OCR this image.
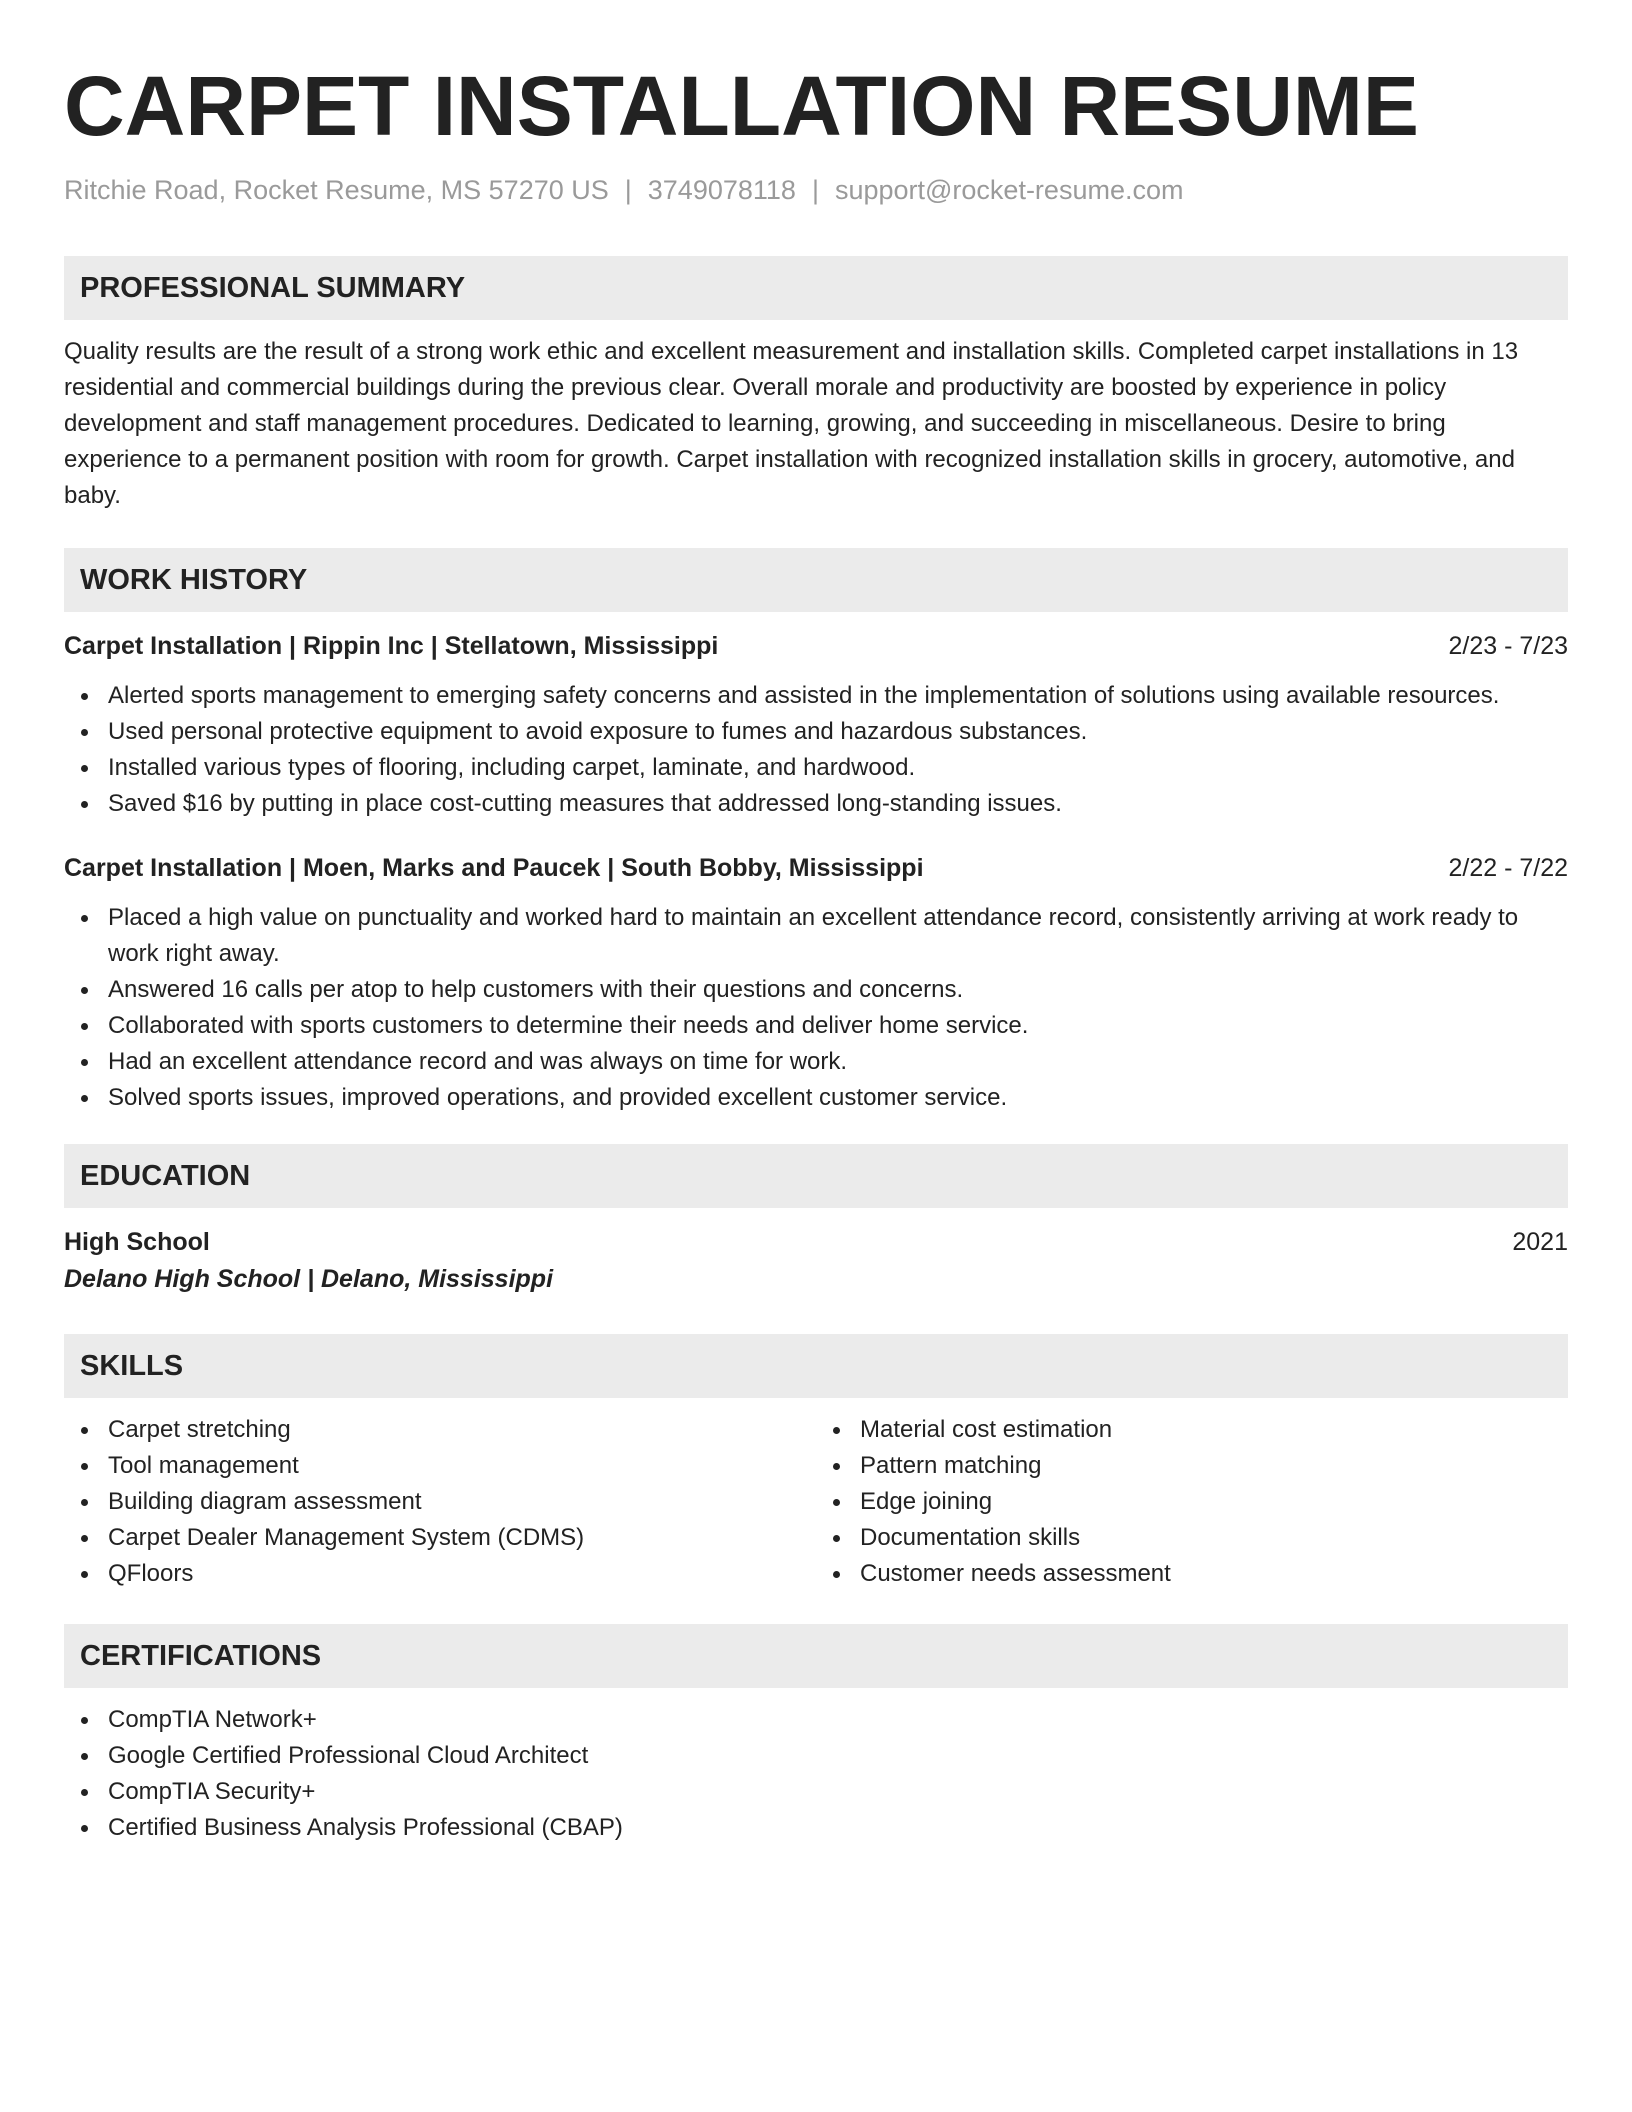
CARPET INSTALLATION RESUME
Ritchie Road, Rocket Resume, MS 57270 US | 3749078118 | support@rocket-resume.com
PROFESSIONAL SUMMARY
Quality results are the result of a strong work ethic and excellent measurement and installation skills. Completed carpet installations in 13 residential and commercial buildings during the previous clear. Overall morale and productivity are boosted by experience in policy development and staff management procedures. Dedicated to learning, growing, and succeeding in miscellaneous. Desire to bring experience to a permanent position with room for growth. Carpet installation with recognized installation skills in grocery, automotive, and baby.
WORK HISTORY
Carpet Installation | Rippin Inc | Stellatown, Mississippi	2/23 - 7/23
Alerted sports management to emerging safety concerns and assisted in the implementation of solutions using available resources.
Used personal protective equipment to avoid exposure to fumes and hazardous substances.
Installed various types of flooring, including carpet, laminate, and hardwood.
Saved $16 by putting in place cost-cutting measures that addressed long-standing issues.
Carpet Installation | Moen, Marks and Paucek | South Bobby, Mississippi	2/22 - 7/22
Placed a high value on punctuality and worked hard to maintain an excellent attendance record, consistently arriving at work ready to work right away.
Answered 16 calls per atop to help customers with their questions and concerns.
Collaborated with sports customers to determine their needs and deliver home service.
Had an excellent attendance record and was always on time for work.
Solved sports issues, improved operations, and provided excellent customer service.
EDUCATION
High School	2021
Delano High School | Delano, Mississippi
SKILLS
Carpet stretching
Tool management
Building diagram assessment
Carpet Dealer Management System (CDMS)
QFloors
Material cost estimation
Pattern matching
Edge joining
Documentation skills
Customer needs assessment
CERTIFICATIONS
CompTIA Network+
Google Certified Professional Cloud Architect
CompTIA Security+
Certified Business Analysis Professional (CBAP)
